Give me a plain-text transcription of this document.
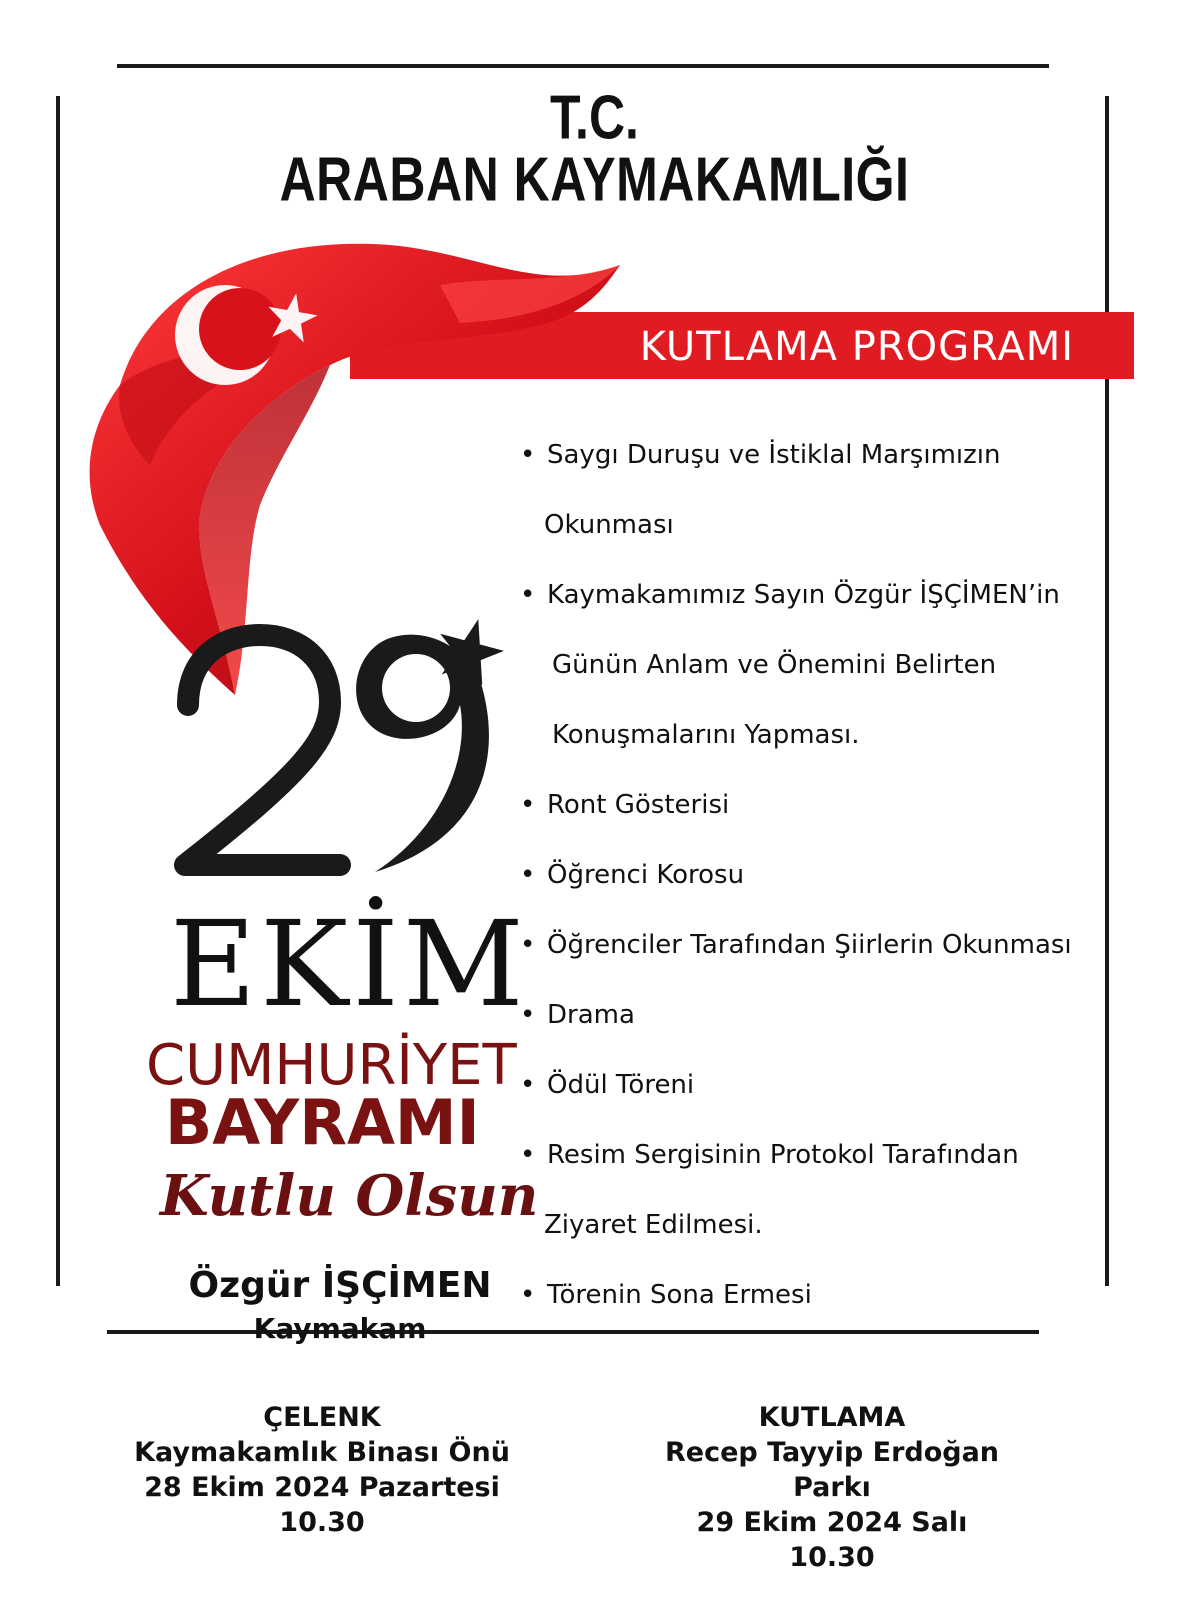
T.C.
ARABAN KAYMAKAMLIĞI
KUTLAMA PROGRAMI
EKİM
CUMHURİYET
BAYRAMI
Kutlu Olsun
Özgür İŞÇİMEN
Kaymakam
• Saygı Duruşu ve İstiklal Marşımızın
Okunması
• Kaymakamımız Sayın Özgür İŞÇİMEN’in
Günün Anlam ve Önemini Belirten
Konuşmalarını Yapması.
• Ront Gösterisi
• Öğrenci Korosu
• Öğrenciler Tarafından Şiirlerin Okunması
• Drama
• Ödül Töreni
• Resim Sergisinin Protokol Tarafından
Ziyaret Edilmesi.
• Törenin Sona Ermesi
ÇELENK
Kaymakamlık Binası Önü
28 Ekim 2024 Pazartesi
10.30
KUTLAMA
Recep Tayyip Erdoğan Parkı
29 Ekim 2024 Salı
10.30
